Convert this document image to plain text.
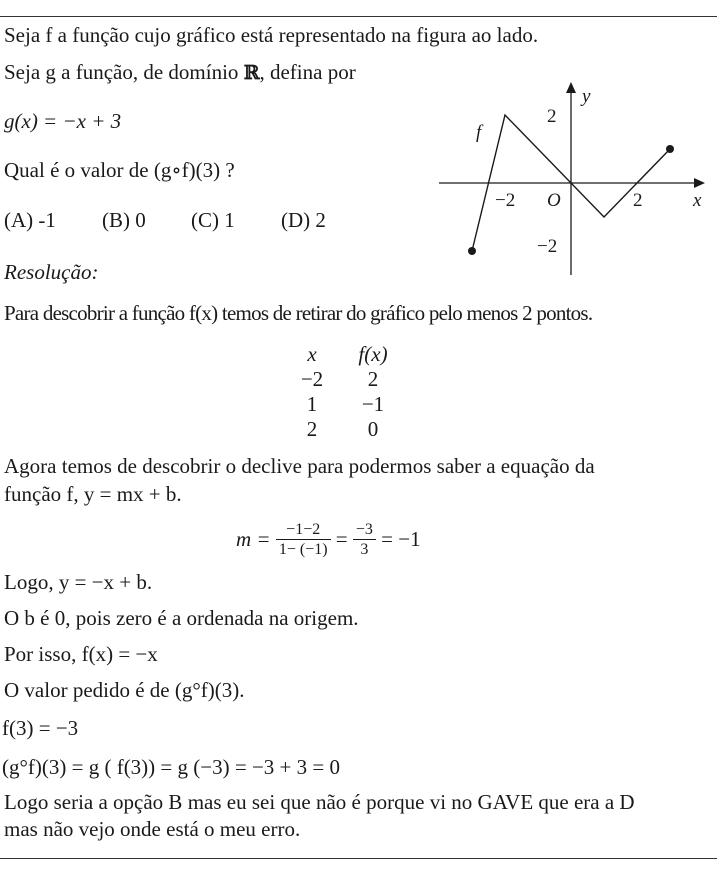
Seja f a função cujo gráfico está representado na figura ao lado.
Seja g a função, de domínio ℝ, defina por
g(x) = −x + 3
Qual é o valor de (g∘f)(3) ?
(A) -1 (B) 0 (C) 1 (D) 2
f
y
x
O
−2	2
2
−2
Resolução:
Para descobrir a função f(x) temos de retirar do gráfico pelo menos 2 pontos.
x	f(x)
−2	2
1	−1
2	0
Agora temos de descobrir o declive para podermos saber a equação da
função f, y = mx + b.
$m = \frac{-1-2}{1- (-1)} = \frac{-3}{3} = -1$
Logo, y = −x + b.
O b é 0, pois zero é a ordenada na origem.
Por isso, f(x) = −x
O valor pedido é de (g°f)(3).
f(3) = −3
(g°f)(3) = g ( f(3)) = g (−3) = −3 + 3 = 0
Logo seria a opção B mas eu sei que não é porque vi no GAVE que era a D
mas não vejo onde está o meu erro.
